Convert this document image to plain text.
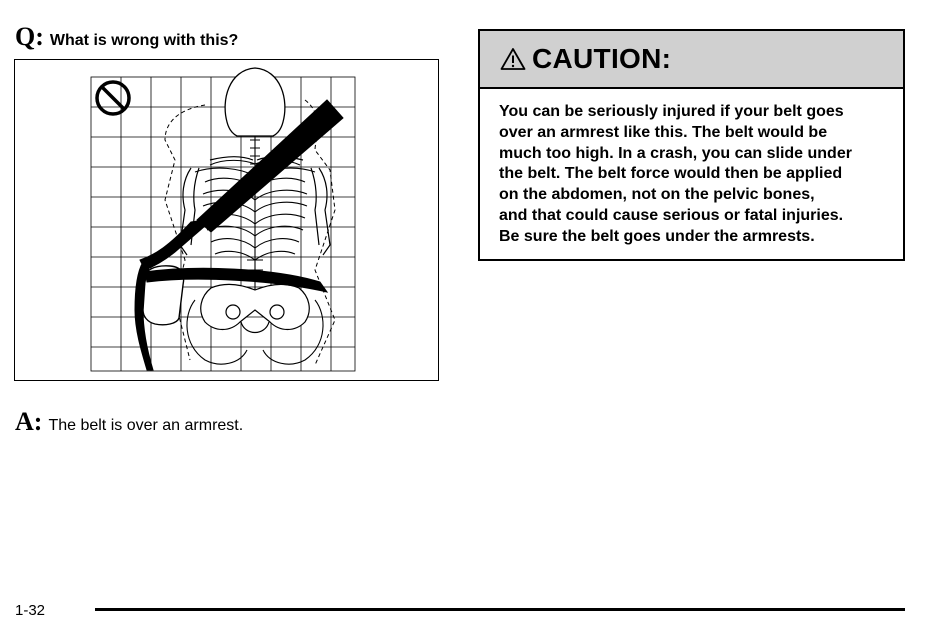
Q: What is wrong with this?
A: The belt is over an armrest.
CAUTION:
You can be seriously injured if your belt goes
over an armrest like this. The belt would be
much too high. In a crash, you can slide under
the belt. The belt force would then be applied
on the abdomen, not on the pelvic bones,
and that could cause serious or fatal injuries.
Be sure the belt goes under the armrests.
1-32
